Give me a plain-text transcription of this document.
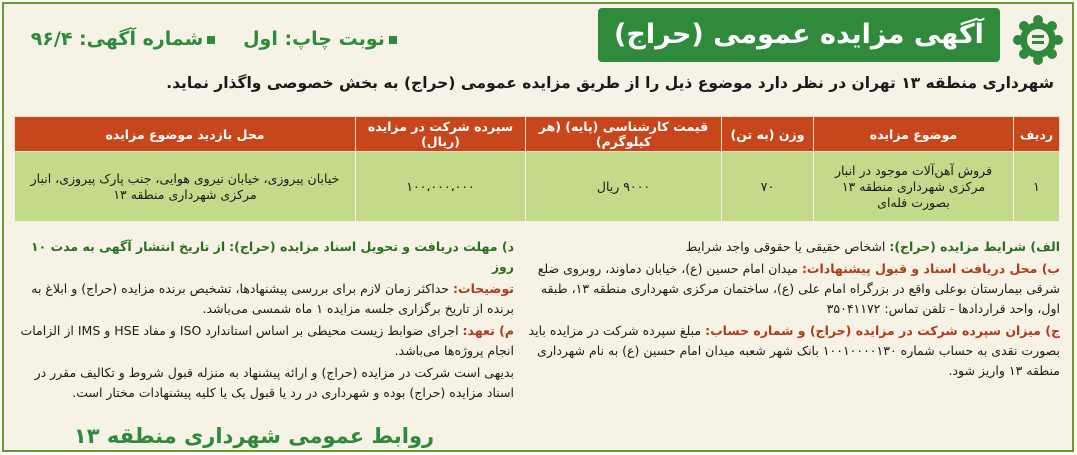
آگهی مزایده عمومی (حراج)
نوبت چاپ: اول
شماره آگهی: ۹۶/۴
شهرداری منطقه ۱۳ تهران در نظر دارد موضوع ذیل را از طریق مزایده عمومی (حراج) به بخش خصوصی واگذار نماید.
ردیف	موضوع مزایده	وزن (به تن)	قیمت کارشناسی (پایه) (هر کیلوگرم)	سپرده شرکت در مزایده (ریال)	محل بازدید موضوع مزایده
۱	فروش آهن‌آلات موجود در انبار مرکزی شهرداری منطقه ۱۳ بصورت فله‌ای	۷۰	۹۰۰۰ ریال	۱۰۰،۰۰۰،۰۰۰	خیابان پیروزی، خیابان نیروی هوایی، جنب پارک پیروزی، انبار مرکزی شهرداری منطقه ۱۳
الف) شرایط مزایده (حراج): اشخاص حقیقی یا حقوقی واجد شرایط
ب) محل دریافت اسناد و قبول پیشنهادات: میدان امام حسین (ع)، خیابان دماوند، روبروی ضلع شرقی بیمارستان بوعلی واقع در بزرگراه امام علی (ع)، ساختمان مرکزی شهرداری منطقه ۱۳، طبقه اول، واحد قراردادها - تلفن تماس: ۳۵۰۴۱۱۷۲
ج) میزان سپرده شرکت در مزایده (حراج) و شماره حساب: مبلغ سپرده شرکت در مزایده باید بصورت نقدی به حساب شماره ۱۰۰۱۰۰۰۰۱۳۰ بانک شهر شعبه میدان امام حسین (ع) به نام شهرداری منطقه ۱۳ واریز شود.
د) مهلت دریافت و تحویل اسناد مزایده (حراج): از تاریخ انتشار آگهی به مدت ۱۰ روز
توضیحات: حداکثر زمان لازم برای بررسی پیشنهادها، تشخیص برنده مزایده (حراج) و ابلاغ به برنده از تاریخ برگزاری جلسه مزایده ۱ ماه شمسی می‌باشد.
م) تعهد: اجرای ضوابط زیست محیطی بر اساس استاندارد ISO و مفاد HSE و IMS از الزامات انجام پروژه‌ها می‌باشد.
بدیهی است شرکت در مزایده (حراج) و ارائه پیشنهاد به منزله قبول شروط و تکالیف مقرر در اسناد مزایده (حراج) بوده و شهرداری در رد یا قبول یک یا کلیه پیشنهادات مختار است.
روابط عمومی شهرداری منطقه ۱۳
